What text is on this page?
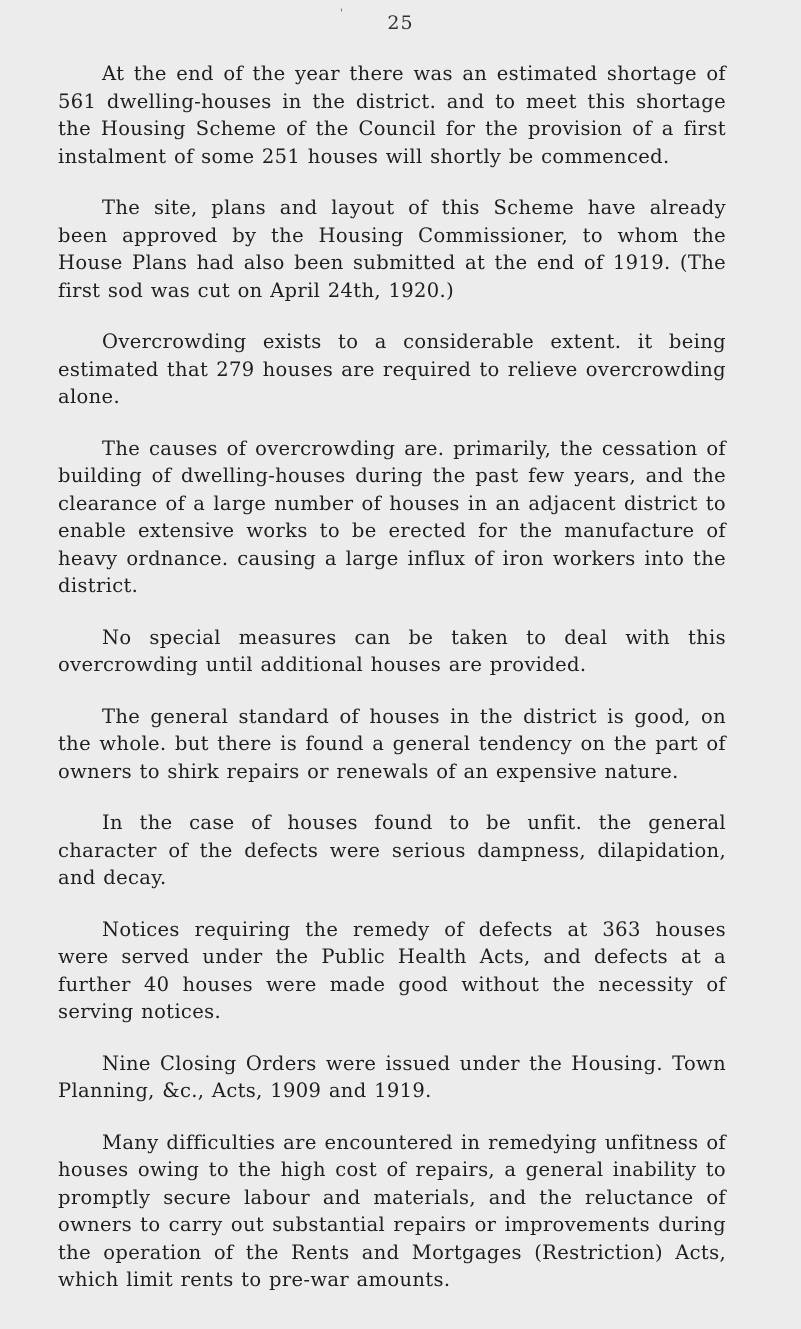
'	25

At the end of the year there was an estimated shortage of 561 dwelling-houses in the district. and to meet this shortage the Housing Scheme of the Council for the provision of a first instalment of some 251 houses will shortly be commenced.

The site, plans and layout of this Scheme have already been approved by the Housing Commissioner, to whom the House Plans had also been submitted at the end of 1919. (The first sod was cut on April 24th, 1920.)

Overcrowding exists to a considerable extent. it being estimated that 279 houses are required to relieve overcrowding alone.

The causes of overcrowding are. primarily, the cessation of building of dwelling-houses during the past few years, and the clearance of a large number of houses in an adjacent district to enable extensive works to be erected for the manufacture of heavy ordnance. causing a large influx of iron workers into the district.

No special measures can be taken to deal with this overcrowding until additional houses are provided.

The general standard of houses in the district is good, on the whole. but there is found a general tendency on the part of owners to shirk repairs or renewals of an expensive nature.

In the case of houses found to be unfit. the general character of the defects were serious dampness, dilapidation, and decay.

Notices requiring the remedy of defects at 363 houses were served under the Public Health Acts, and defects at a further 40 houses were made good without the necessity of serving notices.

Nine Closing Orders were issued under the Housing. Town Planning, &c., Acts, 1909 and 1919.

Many difficulties are encountered in remedying unfitness of houses owing to the high cost of repairs, a general inability to promptly secure labour and materials, and the reluctance of owners to carry out substantial repairs or improvements during the operation of the Rents and Mortgages (Restriction) Acts, which limit rents to pre-war amounts.
